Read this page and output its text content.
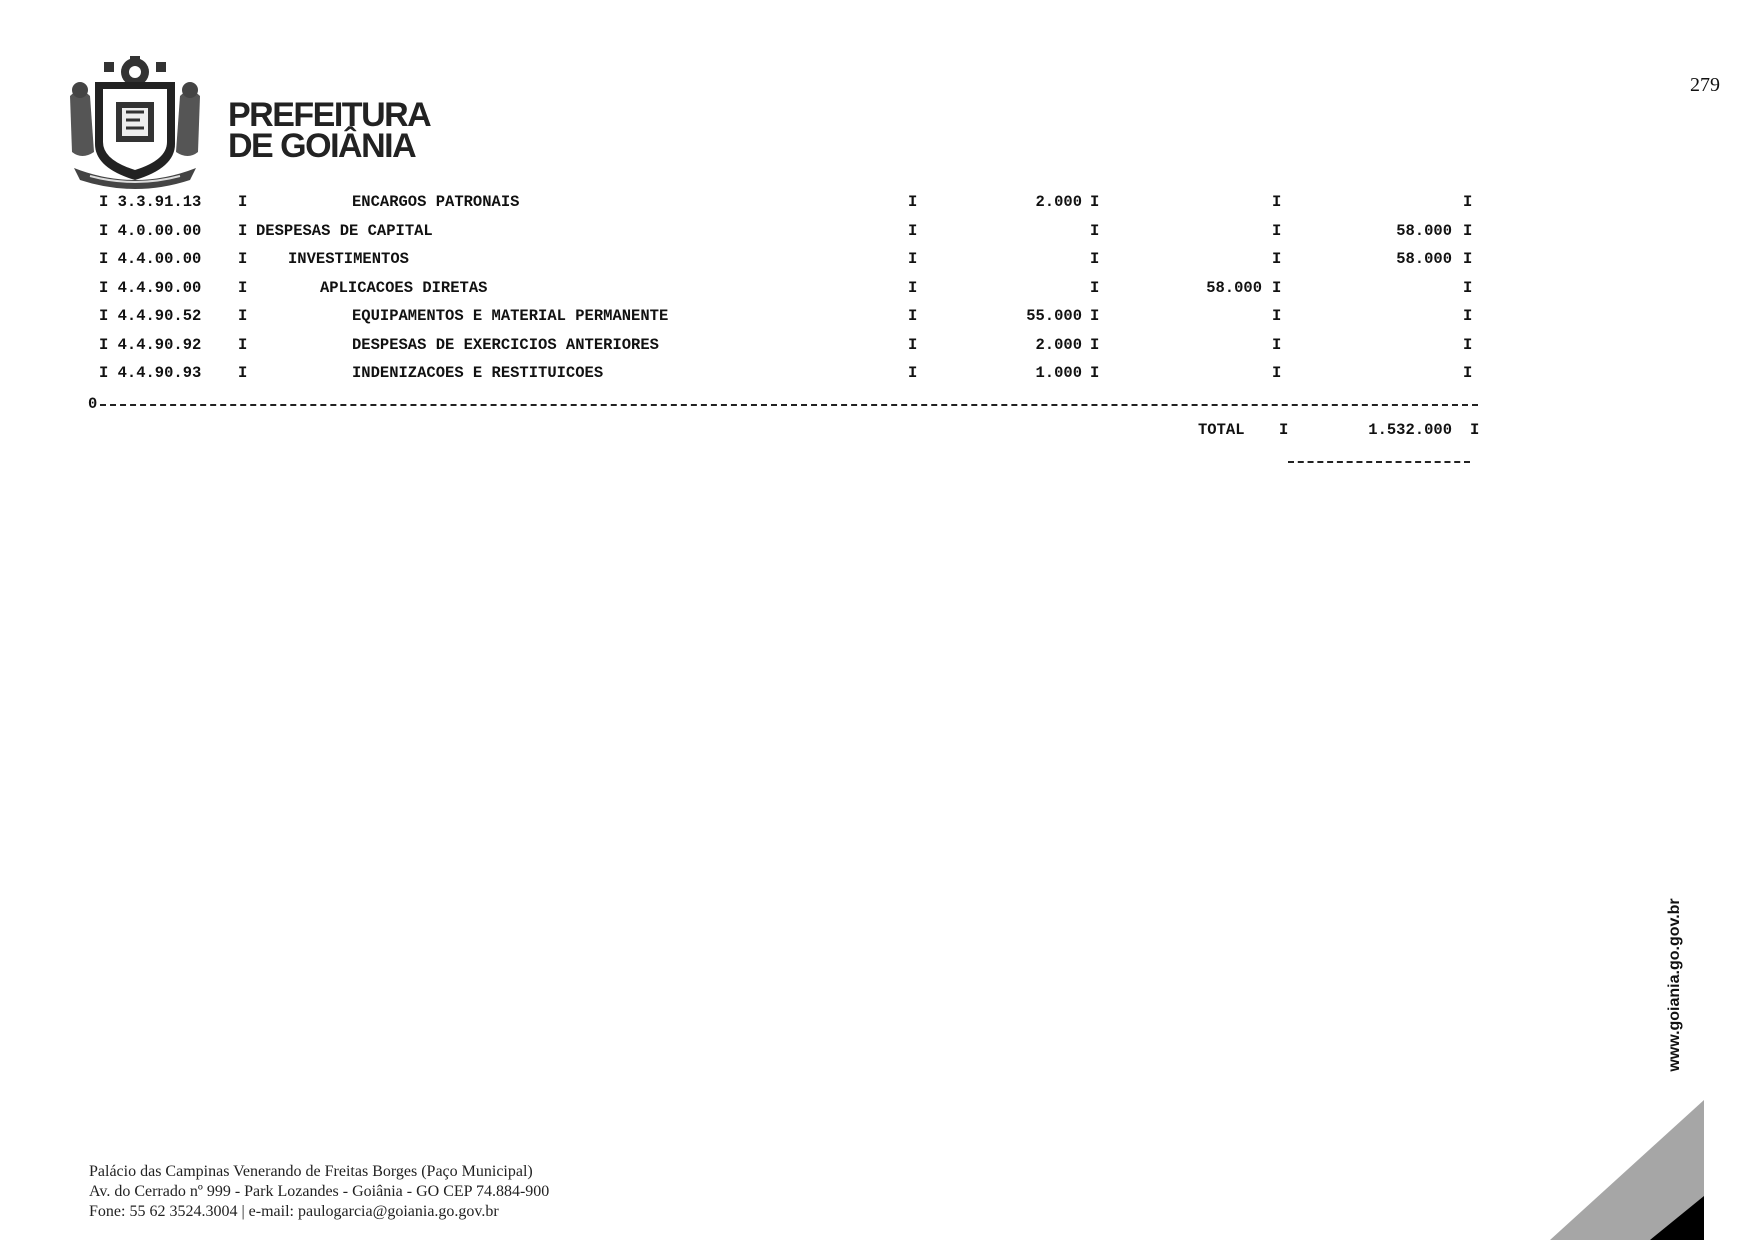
279
PREFEITURA
DE GOIÂNIA
I 3.3.91.13 I	ENCARGOS PATRONAIS	I	2.000 I	I	I
I 4.0.00.00 I DESPESAS DE CAPITAL	I	I	I	58.000 I
I 4.4.00.00 I	INVESTIMENTOS	I	I	I	58.000 I
I 4.4.90.00 I	APLICACOES DIRETAS	I	I	58.000 I	I
I 4.4.90.52 I	EQUIPAMENTOS E MATERIAL PERMANENTE	I	55.000 I	I	I
I 4.4.90.92 I	DESPESAS DE EXERCICIOS ANTERIORES	I	2.000 I	I	I
I 4.4.90.93 I	INDENIZACOES E RESTITUICOES	I	1.000 I	I	I
0
TOTAL I	1.532.000 I
Palácio das Campinas Venerando de Freitas Borges (Paço Municipal)
Av. do Cerrado nº 999 - Park Lozandes - Goiânia - GO CEP 74.884-900
Fone: 55 62 3524.3004 | e-mail: paulogarcia@goiania.go.gov.br
www.goiania.go.gov.br
